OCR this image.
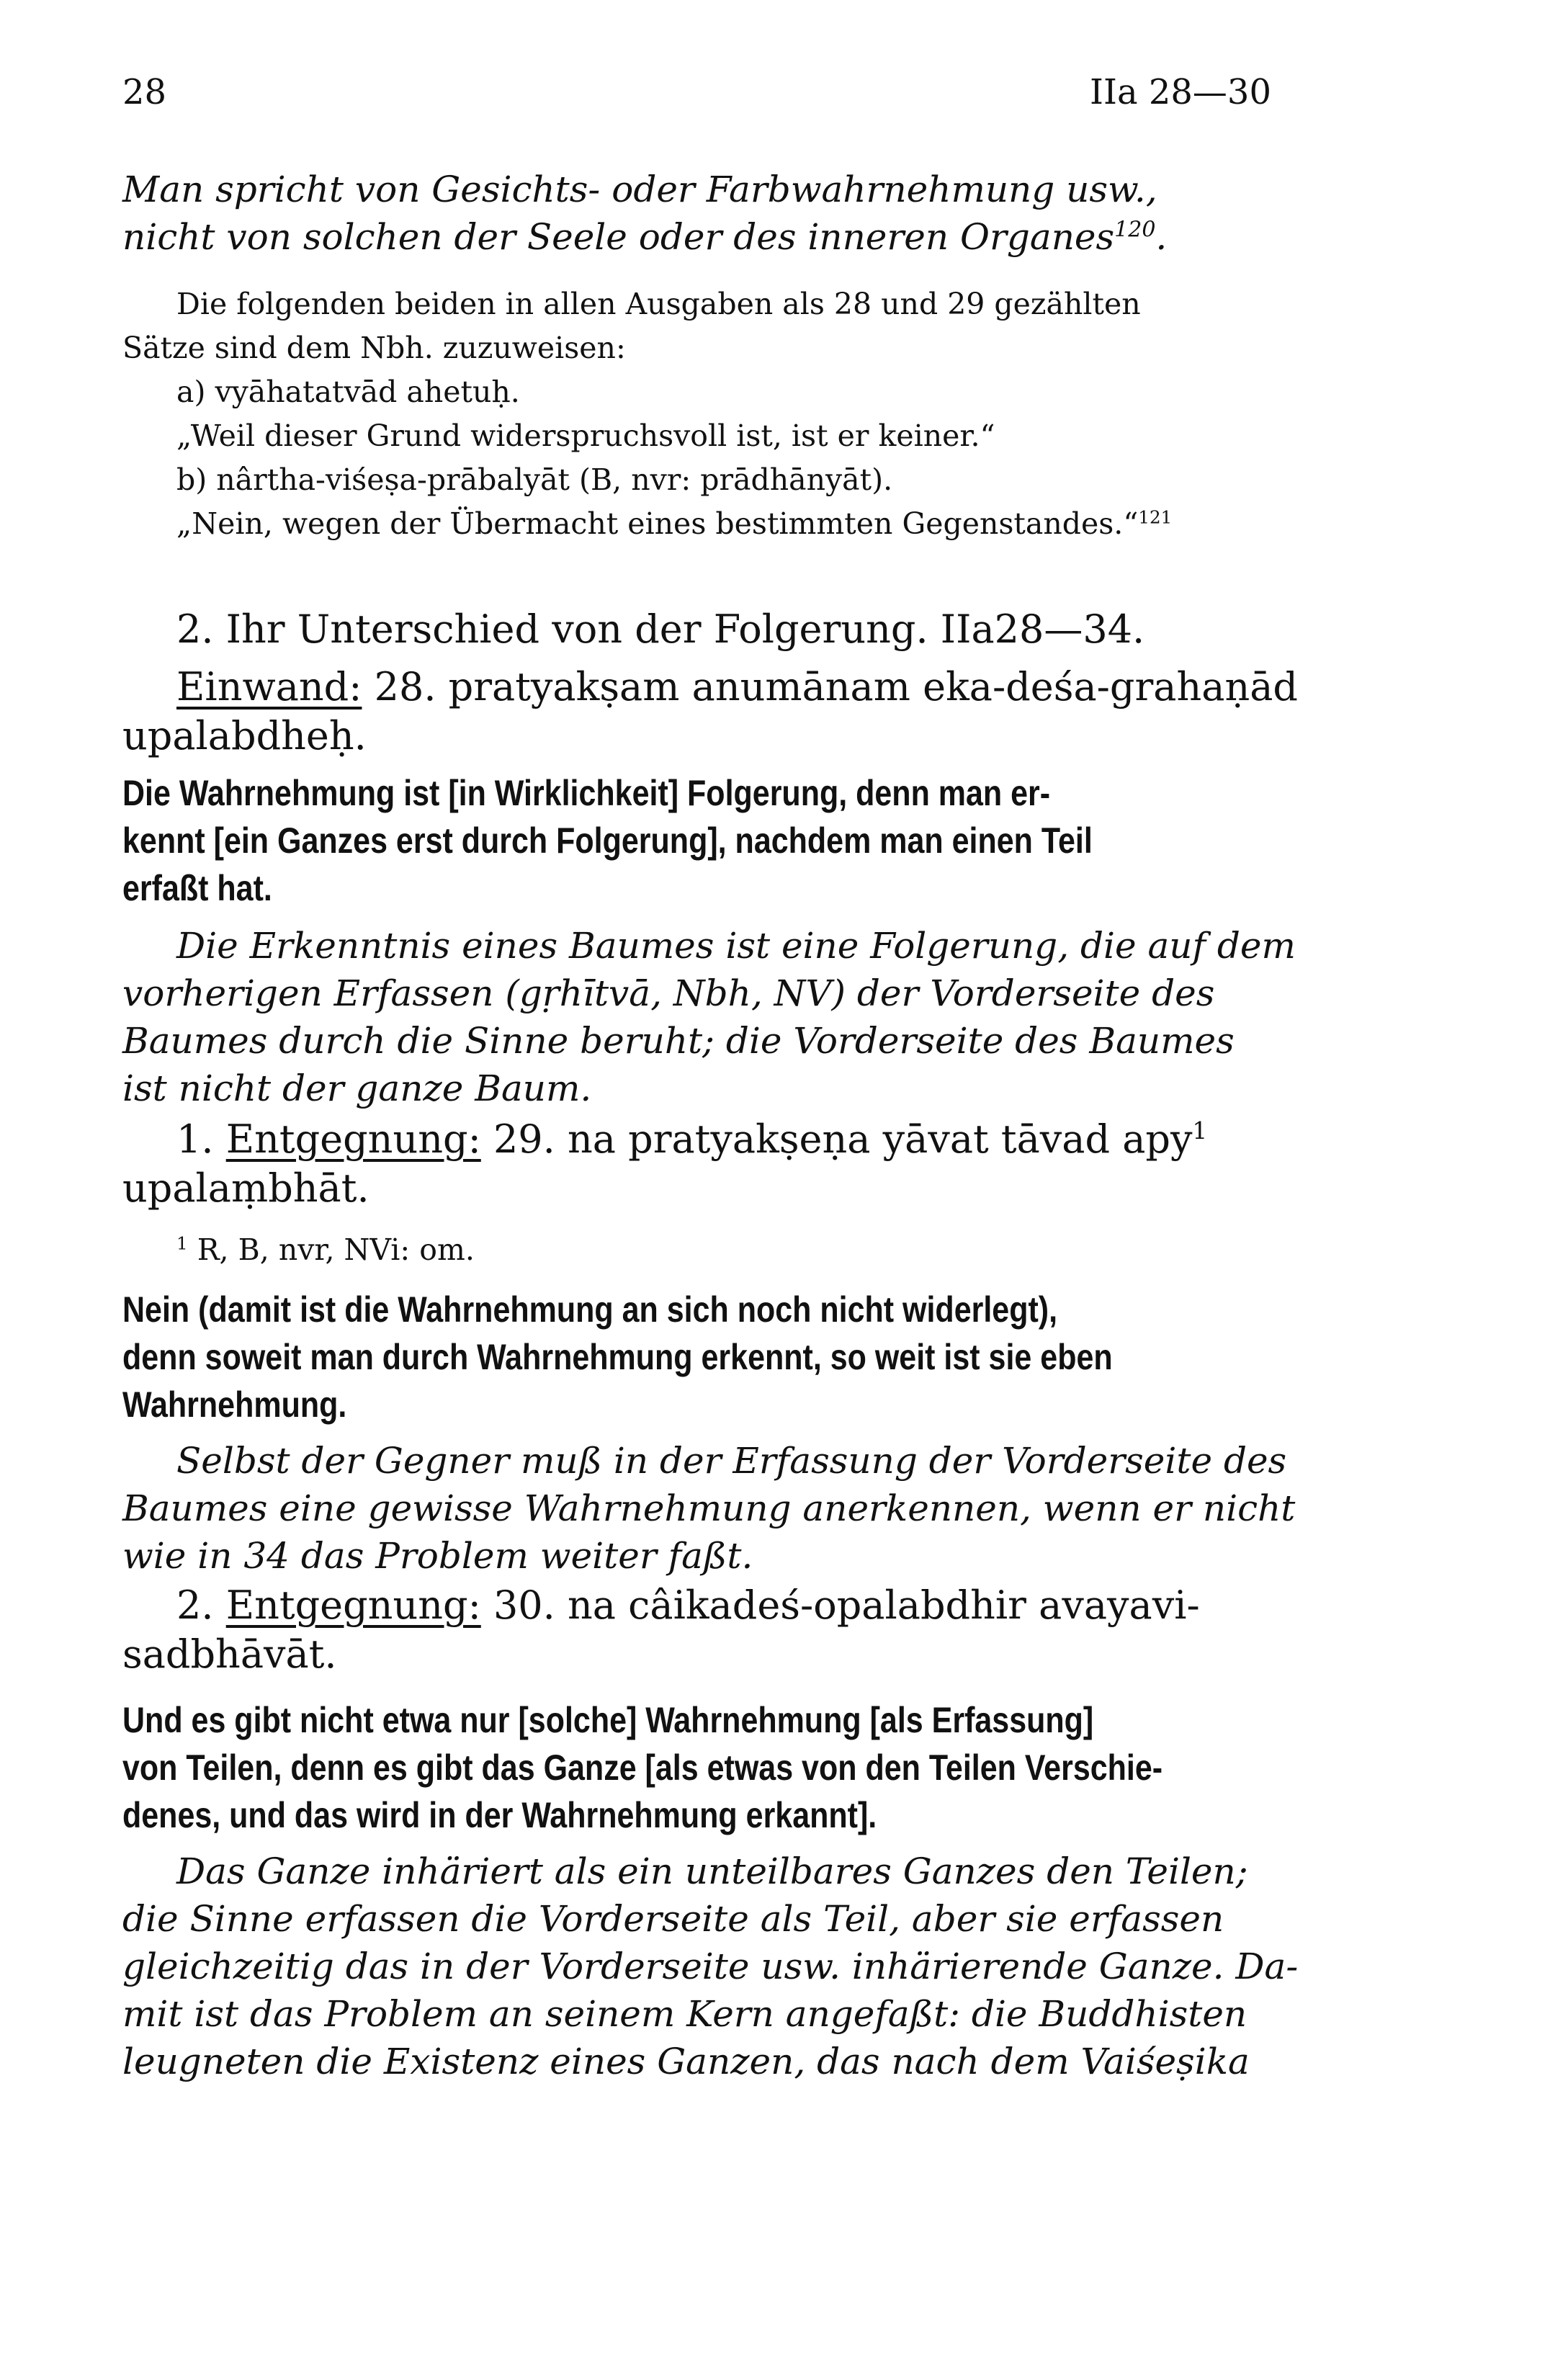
28	IIa 28—30
Man spricht von Gesichts- oder Farbwahrnehmung usw.,
nicht von solchen der Seele oder des inneren Organes$^{120}$.
Die folgenden beiden in allen Ausgaben als 28 und 29 gezählten
Sätze sind dem Nbh. zuzuweisen:
a) vyāhatatvād ahetuḥ.
„Weil dieser Grund widerspruchsvoll ist, ist er keiner.“
b) nârtha-viśeṣa-prābalyāt (B, nvr: prādhānyāt).
„Nein, wegen der Übermacht eines bestimmten Gegenstandes.“$^{121}$
2. Ihr Unterschied von der Folgerung. IIa28—34.
Einwand: 28. pratyakṣam anumānam eka-deśa-grahaṇād
upalabdheḥ.
Die Wahrnehmung ist [in Wirklichkeit] Folgerung, denn man er-
kennt [ein Ganzes erst durch Folgerung], nachdem man einen Teil
erfaßt hat.
Die Erkenntnis eines Baumes ist eine Folgerung, die auf dem
vorherigen Erfassen (gṛhītvā, Nbh, NV) der Vorderseite des
Baumes durch die Sinne beruht; die Vorderseite des Baumes
ist nicht der ganze Baum.
1. Entgegnung: 29. na pratyakṣeṇa yāvat tāvad apy$^1$
upalaṃbhāt.
$^1$ R, B, nvr, NVi: om.
Nein (damit ist die Wahrnehmung an sich noch nicht widerlegt),
denn soweit man durch Wahrnehmung erkennt, so weit ist sie eben
Wahrnehmung.
Selbst der Gegner muß in der Erfassung der Vorderseite des
Baumes eine gewisse Wahrnehmung anerkennen, wenn er nicht
wie in 34 das Problem weiter faßt.
2. Entgegnung: 30. na câikadeś-opalabdhir avayavi-
sadbhāvāt.
Und es gibt nicht etwa nur [solche] Wahrnehmung [als Erfassung]
von Teilen, denn es gibt das Ganze [als etwas von den Teilen Verschie-
denes, und das wird in der Wahrnehmung erkannt].
Das Ganze inhäriert als ein unteilbares Ganzes den Teilen;
die Sinne erfassen die Vorderseite als Teil, aber sie erfassen
gleichzeitig das in der Vorderseite usw. inhärierende Ganze. Da-
mit ist das Problem an seinem Kern angefaßt: die Buddhisten
leugneten die Existenz eines Ganzen, das nach dem Vaiśeṣika
